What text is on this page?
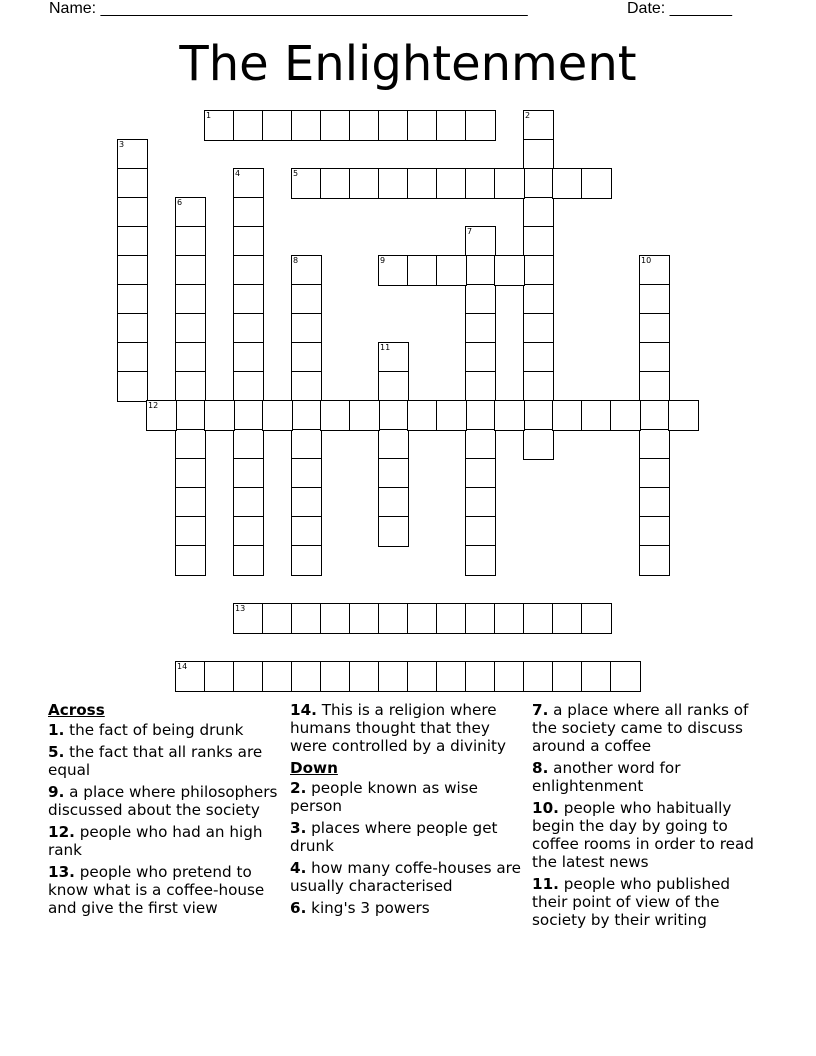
Name: ________________________________________________	Date: _______
The Enlightenment
1	2
3
4	5
6
7
8	9	10
11
12
13
14
Across
1. the fact of being drunk
5. the fact that all ranks are equal
9. a place where philosophers discussed about the society
12. people who had an high rank
13. people who pretend to know what is a coffee-house and give the first view
14. This is a religion where humans thought that they were controlled by a divinity
Down
2. people known as wise person
3. places where people get drunk
4. how many coffe-houses are usually characterised
6. king's 3 powers
7. a place where all ranks of the society came to discuss around a coffee
8. another word for enlightenment
10. people who habitually begin the day by going to coffee rooms in order to read the latest news
11. people who published their point of view of the society by their writing
